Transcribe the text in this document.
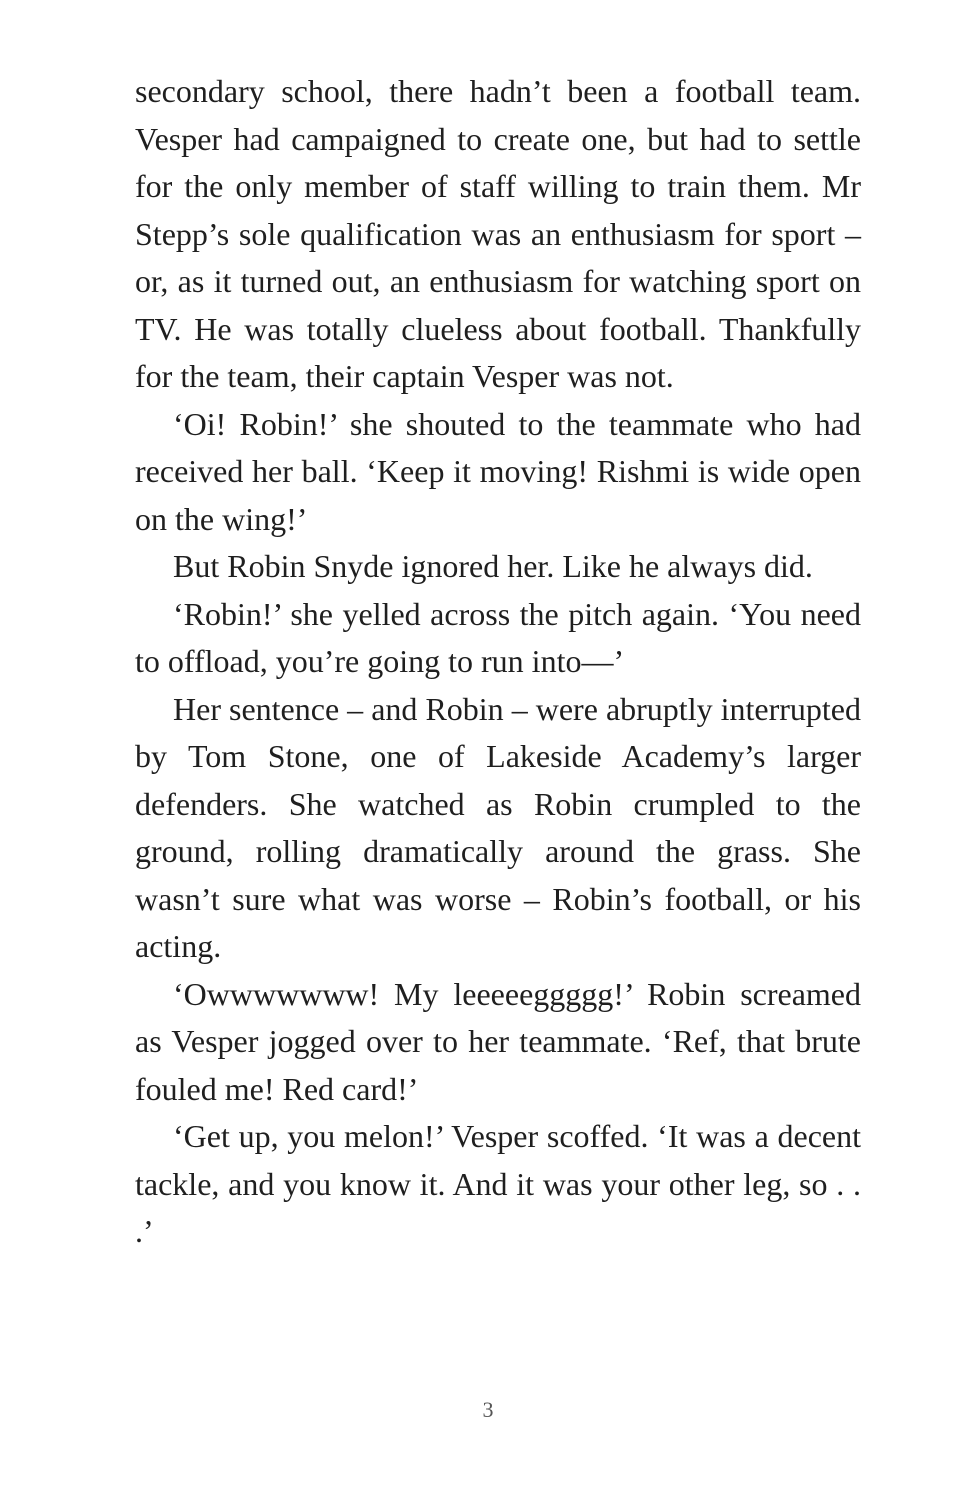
secondary school, there hadn’t been a football team. Vesper had campaigned to create one, but had to settle for the only member of staff willing to train them. Mr Stepp’s sole qualification was an enthusiasm for sport – or, as it turned out, an enthusiasm for watching sport on TV. He was totally clueless about football. Thankfully for the team, their captain Vesper was not.

‘Oi! Robin!’ she shouted to the teammate who had received her ball. ‘Keep it moving! Rishmi is wide open on the wing!’

But Robin Snyde ignored her. Like he always did.

‘Robin!’ she yelled across the pitch again. ‘You need to offload, you’re going to run into—’

Her sentence – and Robin – were abruptly interrupted by Tom Stone, one of Lakeside Academy’s larger defenders. She watched as Robin crumpled to the ground, rolling dramatically around the grass. She wasn’t sure what was worse – Robin’s football, or his acting.

‘Owwwwwww! My leeeeeggggg!’ Robin screamed as Vesper jogged over to her teammate. ‘Ref, that brute fouled me! Red card!’

‘Get up, you melon!’ Vesper scoffed. ‘It was a decent tackle, and you know it. And it was your other leg, so . . .’

3
